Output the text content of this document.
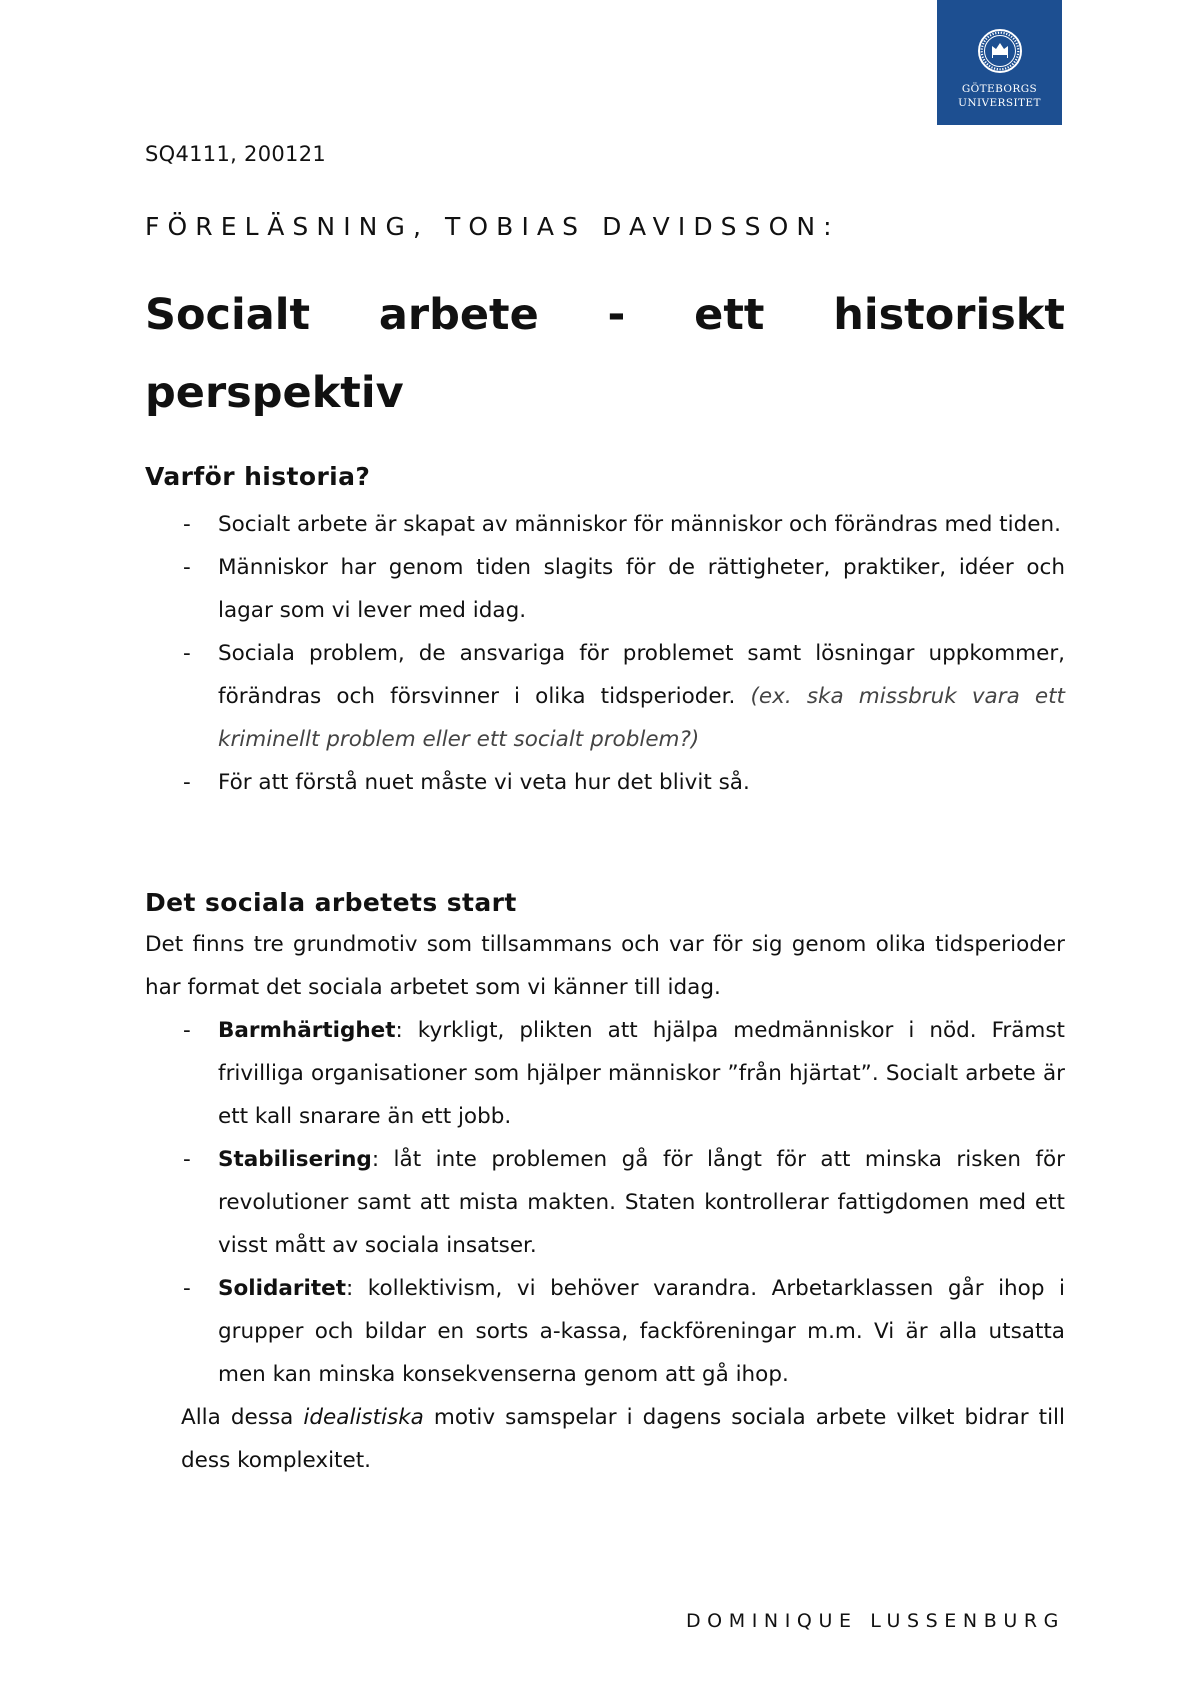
GÖTEBORGS
UNIVERSITET
SQ4111, 200121
FÖRELÄSNING, TOBIAS DAVIDSSON:
Socialt arbete - ett historiskt
perspektiv
Varför historia?
- Socialt arbete är skapat av människor för människor och förändras med tiden.
- Människor har genom tiden slagits för de rättigheter, praktiker, idéer och lagar som vi lever med idag.
- Sociala problem, de ansvariga för problemet samt lösningar uppkommer, förändras och försvinner i olika tidsperioder. (ex. ska missbruk vara ett kriminellt problem eller ett socialt problem?)
- För att förstå nuet måste vi veta hur det blivit så.
Det sociala arbetets start

Det finns tre grundmotiv som tillsammans och var för sig genom olika tidsperioder har format det sociala arbetet som vi känner till idag.

- Barmhärtighet: kyrkligt, plikten att hjälpa medmänniskor i nöd. Främst frivilliga organisationer som hjälper människor ”från hjärtat”. Socialt arbete är ett kall snarare än ett jobb.
- Stabilisering: låt inte problemen gå för långt för att minska risken för revolutioner samt att mista makten. Staten kontrollerar fattigdomen med ett visst mått av sociala insatser.
- Solidaritet: kollektivism, vi behöver varandra. Arbetarklassen går ihop i grupper och bildar en sorts a-kassa, fackföreningar m.m. Vi är alla utsatta men kan minska konsekvenserna genom att gå ihop.

Alla dessa idealistiska motiv samspelar i dagens sociala arbete vilket bidrar till dess komplexitet.

DOMINIQUE LUSSENBURG
